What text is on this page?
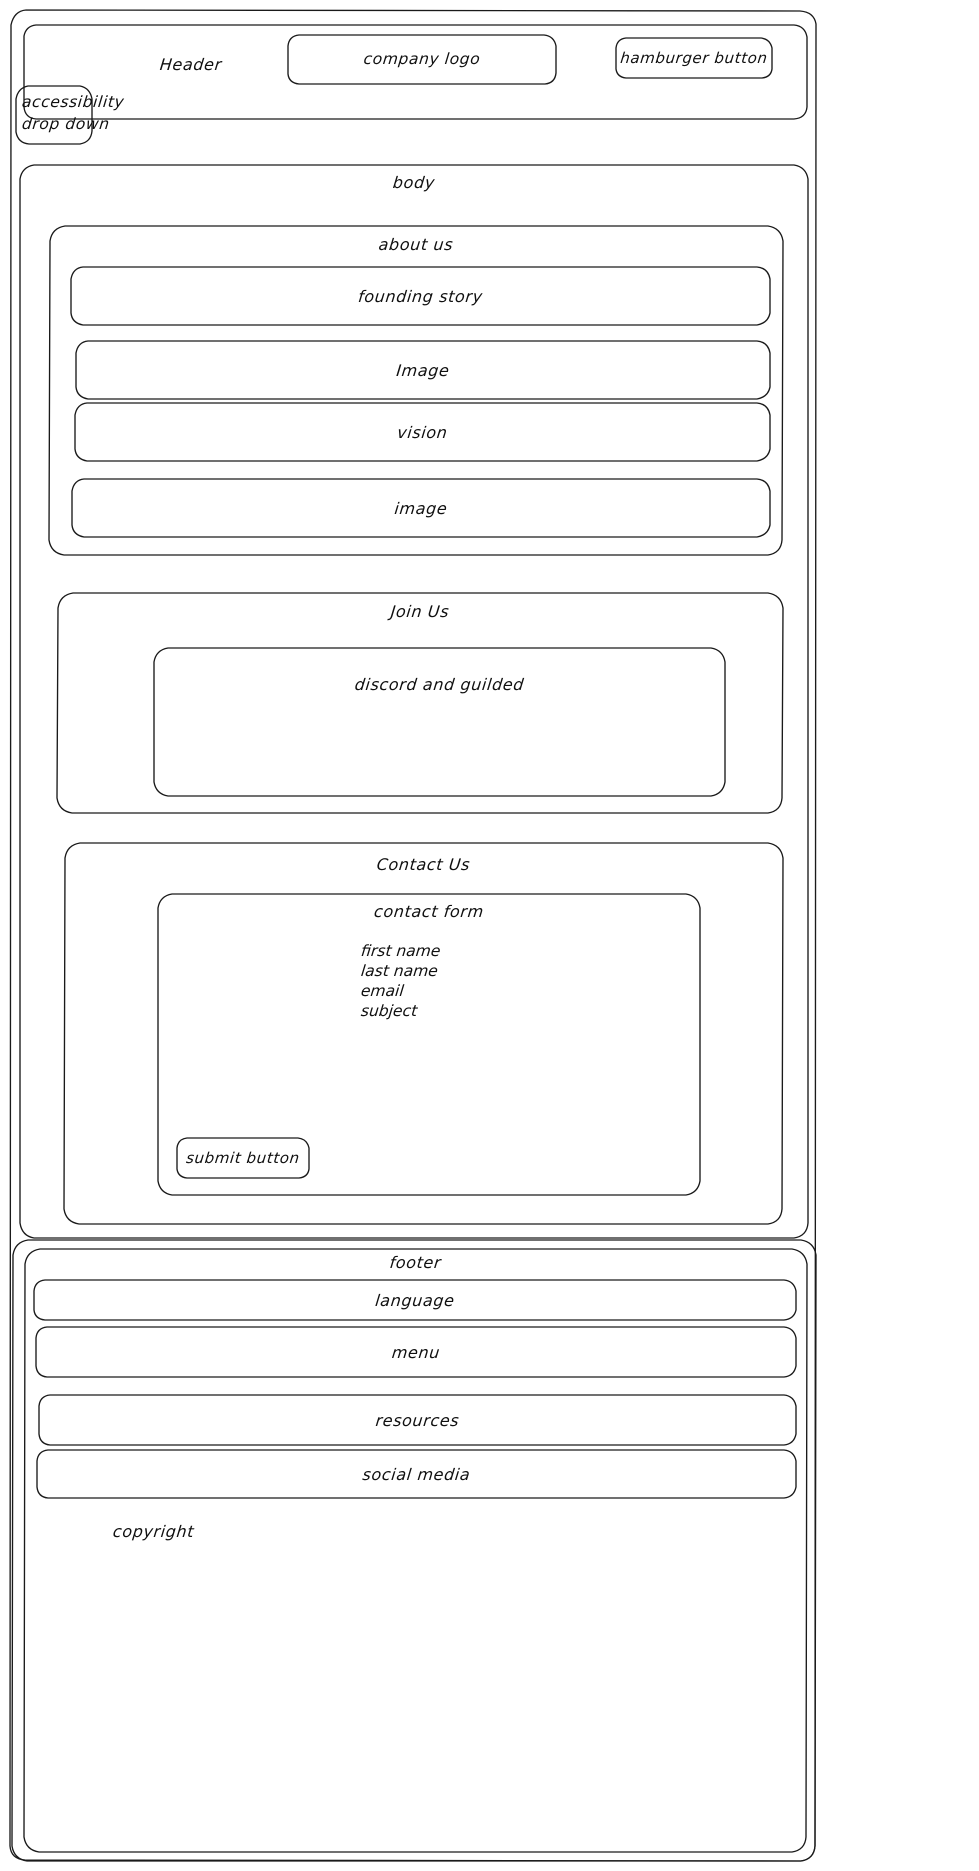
Header	company logo	hamburger button
accessibility
drop down
body
about us
founding story
Image
vision
image
Join Us
discord and guilded
Contact Us
contact form
first name
last name
email
subject
submit button
footer
language
menu
resources
social media
copyright
